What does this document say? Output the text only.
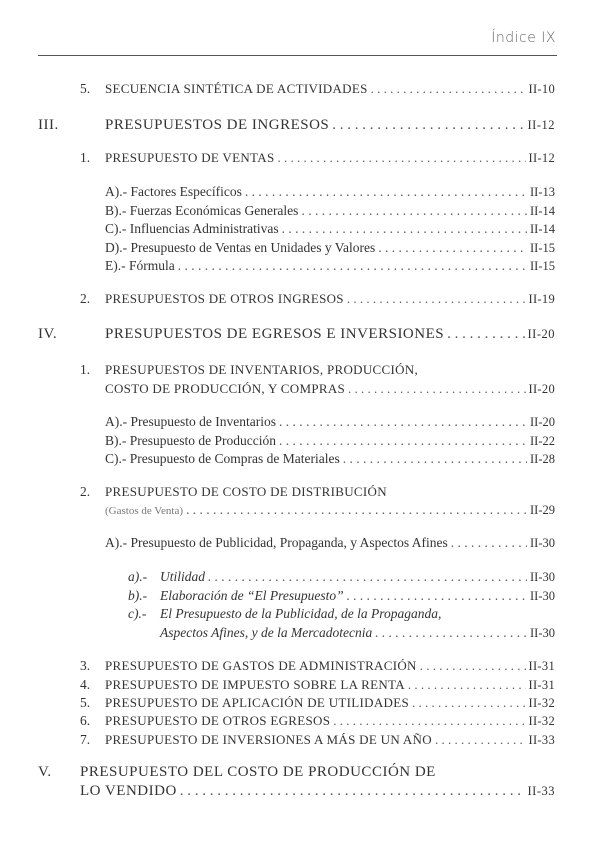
Índice IX
5. SECUENCIA SINTÉTICA DE ACTIVIDADES . . .	II-10
III.	PRESUPUESTOS DE INGRESOS . . .	II-12
1. PRESUPUESTO DE VENTAS . . .	II-12
A).- Factores Específicos . . .	II-13
B).- Fuerzas Económicas Generales . . .	II-14
C).- Influencias Administrativas . . .	II-14
D).- Presupuesto de Ventas en Unidades y Valores . . .	II-15
E).- Fórmula . . .	II-15
2. PRESUPUESTOS DE OTROS INGRESOS . . .	II-19
IV.	PRESUPUESTOS DE EGRESOS E INVERSIONES . . .	II-20
1. PRESUPUESTOS DE INVENTARIOS, PRODUCCIÓN,
COSTO DE PRODUCCIÓN, Y COMPRAS . . .	II-20
A).- Presupuesto de Inventarios . . .	II-20
B).- Presupuesto de Producción . . .	II-22
C).- Presupuesto de Compras de Materiales . . .	II-28
2. PRESUPUESTO DE COSTO DE DISTRIBUCIÓN
(Gastos de Venta) . . .	II-29
A).- Presupuesto de Publicidad, Propaganda, y Aspectos Afines . . .	II-30
a).- Utilidad . . .	II-30
b).- Elaboración de “El Presupuesto” . . .	II-30
c).- El Presupuesto de la Publicidad, de la Propaganda,
Aspectos Afines, y de la Mercadotecnia . . .	II-30
3. PRESUPUESTO DE GASTOS DE ADMINISTRACIÓN . . .	II-31
4. PRESUPUESTO DE IMPUESTO SOBRE LA RENTA . . .	II-31
5. PRESUPUESTO DE APLICACIÓN DE UTILIDADES . . .	II-32
6. PRESUPUESTO DE OTROS EGRESOS . . .	II-32
7. PRESUPUESTO DE INVERSIONES A MÁS DE UN AÑO . . .	II-33
V. PRESUPUESTO DEL COSTO DE PRODUCCIÓN DE
LO VENDIDO . . .	II-33
